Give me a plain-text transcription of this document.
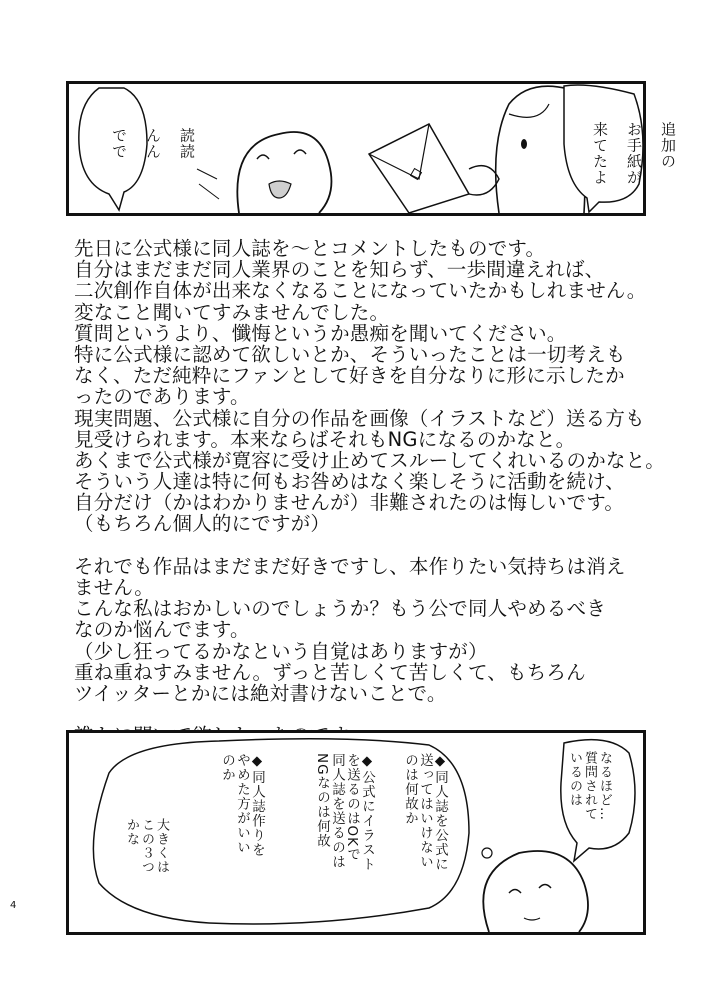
読読

んん

でで
	追加の

お手紙が

来てたよ

先日に公式様に同人誌を〜とコメントしたものです。
自分はまだまだ同人業界のことを知らず、一歩間違えれば、
二次創作自体が出来なくなることになっていたかもしれません。
変なこと聞いてすみませんでした。
質問というより、懺悔というか愚痴を聞いてください。
特に公式様に認めて欲しいとか、そういったことは一切考えも
なく、ただ純粋にファンとして好きを自分なりに形に示したか
ったのであります。
現実問題、公式様に自分の作品を画像（イラストなど）送る方も
見受けられます。本来ならばそれもNGになるのかなと。
あくまで公式様が寛容に受け止めてスルーしてくれいるのかなと。
そういう人達は特に何もお咎めはなく楽しそうに活動を続け、
自分だけ（かはわかりませんが）非難されたのは悔しいです。
（もちろん個人的にですが）
それでも作品はまだまだ好きですし、本作りたい気持ちは消え
ません。
こんな私はおかしいのでしょうか？もう公で同人やめるべき
なのか悩んでます。
（少し狂ってるかなという自覚はありますが）
重ね重ねすみません。ずっと苦しくて苦しくて、もちろん
ツイッターとかには絶対書けないことで。
なるほど…
質問されて
いるのは
◆同人誌を公式に
送ってはいけない
のは何故か
◆公式にイラスト
を送るのはOKで
同人誌を送るのは
NGなのは何故
◆同人誌作りを
やめた方がいい
のか
大きくは
この３つ
かな
4
